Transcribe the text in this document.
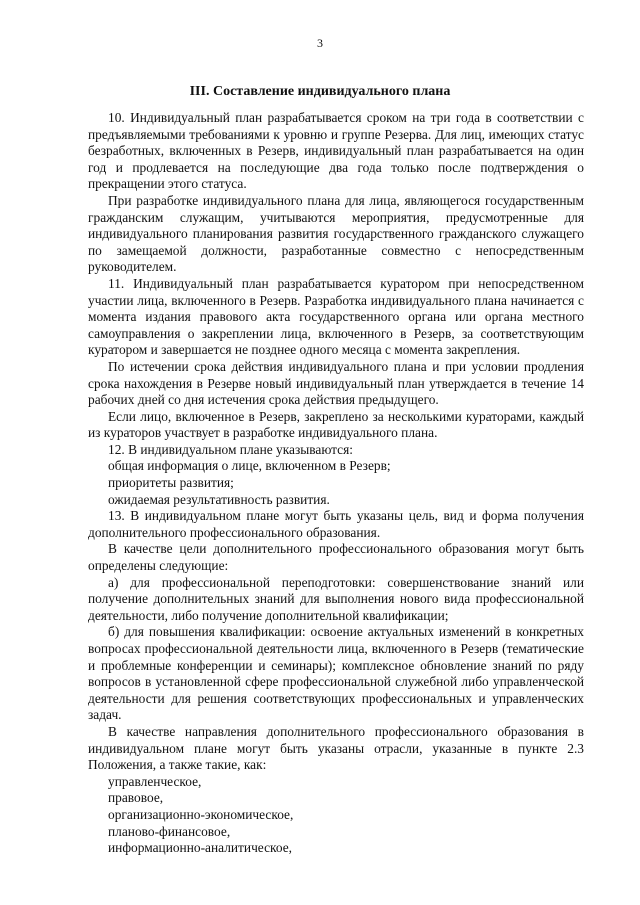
3
III. Составление индивидуального плана

10. Индивидуальный план разрабатывается сроком на три года в соответствии с предъявляемыми требованиями к уровню и группе Резерва. Для лиц, имеющих статус безработных, включенных в Резерв, индивидуальный план разрабатывается на один год и продлевается на последующие два года только после подтверждения о прекращении этого статуса.

При разработке индивидуального плана для лица, являющегося государственным гражданским служащим, учитываются мероприятия, предусмотренные для индивидуального планирования развития государственного гражданского служащего по замещаемой должности, разработанные совместно с непосредственным руководителем.

11. Индивидуальный план разрабатывается куратором при непосредственном участии лица, включенного в Резерв. Разработка индивидуального плана начинается с момента издания правового акта государственного органа или органа местного самоуправления о закреплении лица, включенного в Резерв, за соответствующим куратором и завершается не позднее одного месяца с момента закрепления.

По истечении срока действия индивидуального плана и при условии продления срока нахождения в Резерве новый индивидуальный план утверждается в течение 14 рабочих дней со дня истечения срока действия предыдущего.

Если лицо, включенное в Резерв, закреплено за несколькими кураторами, каждый из кураторов участвует в разработке индивидуального плана.

12. В индивидуальном плане указываются:

общая информация о лице, включенном в Резерв;

приоритеты развития;

ожидаемая результативность развития.

13. В индивидуальном плане могут быть указаны цель, вид и форма получения дополнительного профессионального образования.

В качестве цели дополнительного профессионального образования могут быть определены следующие:

а) для профессиональной переподготовки: совершенствование знаний или получение дополнительных знаний для выполнения нового вида профессиональной деятельности, либо получение дополнительной квалификации;

б) для повышения квалификации: освоение актуальных изменений в конкретных вопросах профессиональной деятельности лица, включенного в Резерв (тематические и проблемные конференции и семинары); комплексное обновление знаний по ряду вопросов в установленной сфере профессиональной служебной либо управленческой деятельности для решения соответствующих профессиональных и управленческих задач.

В качестве направления дополнительного профессионального образования в индивидуальном плане могут быть указаны отрасли, указанные в пункте 2.3 Положения, а также такие, как:

управленческое,

правовое,

организационно-экономическое,

планово-финансовое,

информационно-аналитическое,
